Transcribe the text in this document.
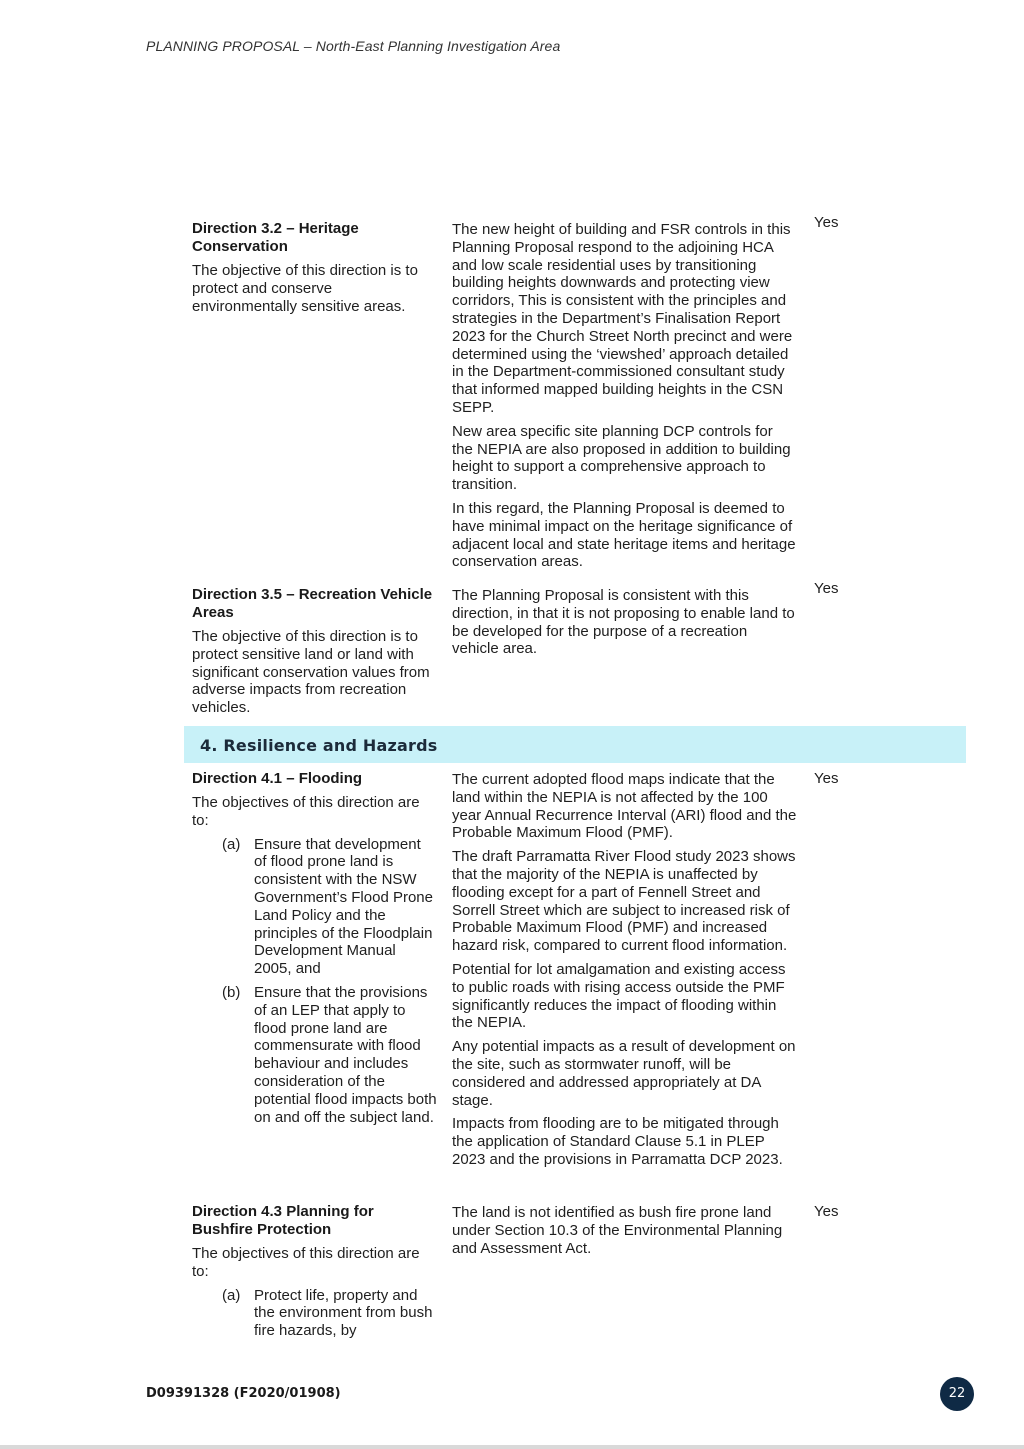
PLANNING PROPOSAL – North-East Planning Investigation Area
Direction 3.2 – Heritage Conservation

The objective of this direction is to protect and conserve environmentally sensitive areas.

The new height of building and FSR controls in this Planning Proposal respond to the adjoining HCA and low scale residential uses by transitioning building heights downwards and protecting view corridors, This is consistent with the principles and strategies in the Department’s Finalisation Report 2023 for the Church Street North precinct and were determined using the ‘viewshed’ approach detailed in the Department-commissioned consultant study that informed mapped building heights in the CSN SEPP.

New area specific site planning DCP controls for the NEPIA are also proposed in addition to building height to support a comprehensive approach to transition.

In this regard, the Planning Proposal is deemed to have minimal impact on the heritage significance of adjacent local and state heritage items and heritage conservation areas.

Yes
Direction 3.5 – Recreation Vehicle Areas

The objective of this direction is to protect sensitive land or land with significant conservation values from adverse impacts from recreation vehicles.

The Planning Proposal is consistent with this direction, in that it is not proposing to enable land to be developed for the purpose of a recreation vehicle area.

Yes
4. Resilience and Hazards
Direction 4.1 – Flooding

The objectives of this direction are to:

(a) Ensure that development of flood prone land is consistent with the NSW Government’s Flood Prone Land Policy and the principles of the Floodplain Development Manual 2005, and
(b) Ensure that the provisions of an LEP that apply to flood prone land are commensurate with flood behaviour and includes consideration of the potential flood impacts both on and off the subject land.

The current adopted flood maps indicate that the land within the NEPIA is not affected by the 100 year Annual Recurrence Interval (ARI) flood and the Probable Maximum Flood (PMF).

The draft Parramatta River Flood study 2023 shows that the majority of the NEPIA is unaffected by flooding except for a part of Fennell Street and Sorrell Street which are subject to increased risk of Probable Maximum Flood (PMF) and increased hazard risk, compared to current flood information.

Potential for lot amalgamation and existing access to public roads with rising access outside the PMF significantly reduces the impact of flooding within the NEPIA.

Any potential impacts as a result of development on the site, such as stormwater runoff, will be considered and addressed appropriately at DA stage.

Impacts from flooding are to be mitigated through the application of Standard Clause 5.1 in PLEP 2023 and the provisions in Parramatta DCP 2023.

Yes
Direction 4.3 Planning for Bushfire Protection

The objectives of this direction are to:

(a) Protect life, property and the environment from bush fire hazards, by

The land is not identified as bush fire prone land under Section 10.3 of the Environmental Planning and Assessment Act.

Yes
D09391328 (F2020/01908)	22
